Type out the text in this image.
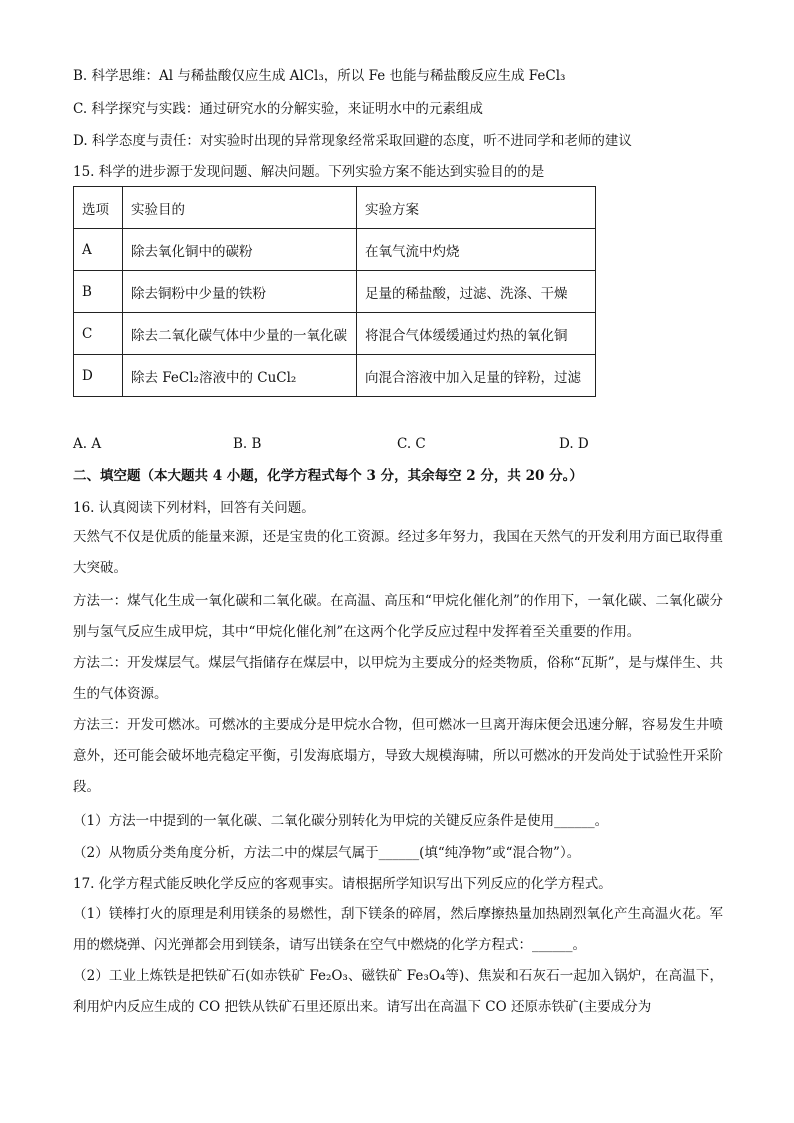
B. 科学思维：Al 与稀盐酸仅应生成 AlCl₃，所以 Fe 也能与稀盐酸反应生成 FeCl₃
C. 科学探究与实践：通过研究水的分解实验，来证明水中的元素组成
D. 科学态度与责任：对实验时出现的异常现象经常采取回避的态度，听不进同学和老师的建议
15. 科学的进步源于发现问题、解决问题。下列实验方案不能达到实验目的的是
选项	实验目的	实验方案
A	除去氧化铜中的碳粉	在氧气流中灼烧
B	除去铜粉中少量的铁粉	足量的稀盐酸，过滤、洗涤、干燥
C	除去二氧化碳气体中少量的一氧化碳	将混合气体缓缓通过灼热的氧化铜
D	除去 FeCl₂溶液中的 CuCl₂	向混合溶液中加入足量的锌粉，过滤
A. A	B. B	C. C	D. D
二、填空题（本大题共 4 小题，化学方程式每个 3 分，其余每空 2 分，共 20 分。）
16. 认真阅读下列材料，回答有关问题。
天然气不仅是优质的能量来源，还是宝贵的化工资源。经过多年努力，我国在天然气的开发利用方面已取得重大突破。
方法一：煤气化生成一氧化碳和二氧化碳。在高温、高压和“甲烷化催化剂”的作用下，一氧化碳、二氧化碳分别与氢气反应生成甲烷，其中“甲烷化催化剂”在这两个化学反应过程中发挥着至关重要的作用。
方法二：开发煤层气。煤层气指储存在煤层中，以甲烷为主要成分的烃类物质，俗称“瓦斯”，是与煤伴生、共生的气体资源。
方法三：开发可燃冰。可燃冰的主要成分是甲烷水合物，但可燃冰一旦离开海床便会迅速分解，容易发生井喷意外，还可能会破坏地壳稳定平衡，引发海底塌方，导致大规模海啸，所以可燃冰的开发尚处于试验性开采阶段。
（1）方法一中提到的一氧化碳、二氧化碳分别转化为甲烷的关键反应条件是使用______。
（2）从物质分类角度分析，方法二中的煤层气属于______(填“纯净物”或“混合物”）。
17. 化学方程式能反映化学反应的客观事实。请根据所学知识写出下列反应的化学方程式。
（1）镁棒打火的原理是利用镁条的易燃性，刮下镁条的碎屑，然后摩擦热量加热剧烈氧化产生高温火花。军用的燃烧弹、闪光弹都会用到镁条，请写出镁条在空气中燃烧的化学方程式：______。
（2）工业上炼铁是把铁矿石(如赤铁矿 Fe₂O₃、磁铁矿 Fe₃O₄等)、焦炭和石灰石一起加入锅炉，在高温下，利用炉内反应生成的 CO 把铁从铁矿石里还原出来。请写出在高温下 CO 还原赤铁矿(主要成分为
